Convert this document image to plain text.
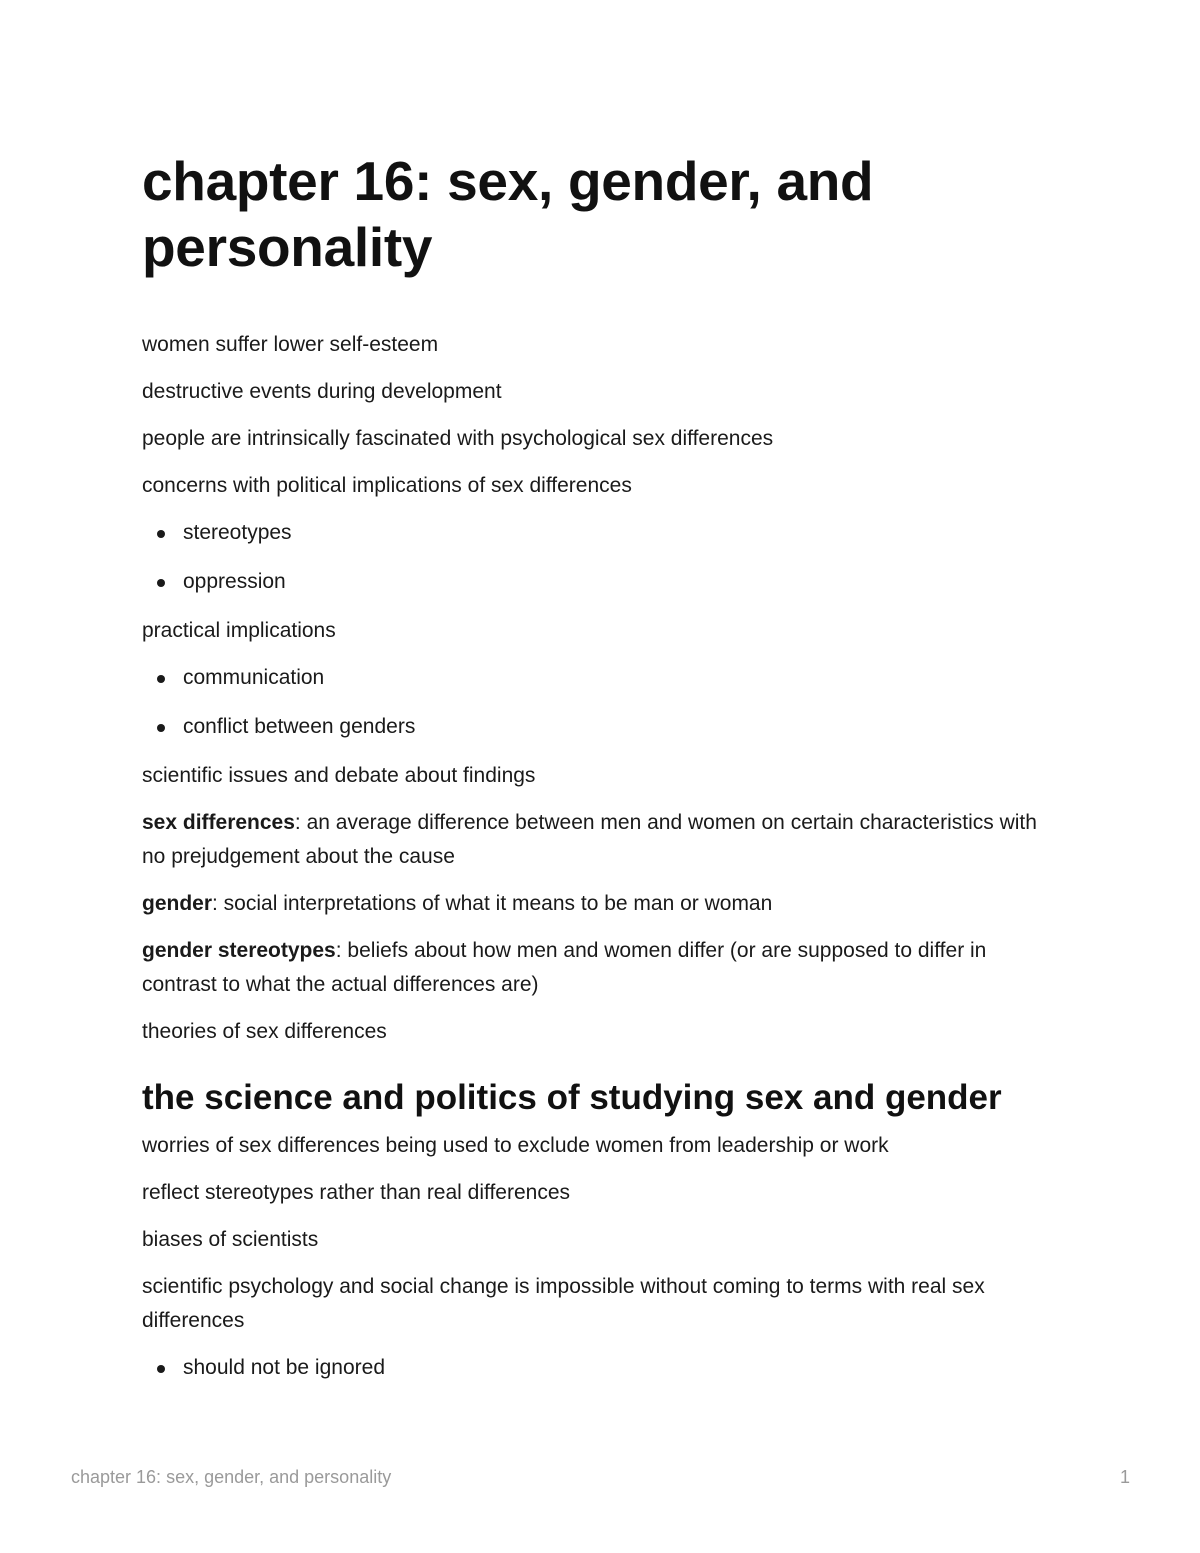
chapter 16: sex, gender, and personality

women suffer lower self-esteem

destructive events during development

people are intrinsically fascinated with psychological sex differences

concerns with political implications of sex differences

stereotypes
oppression

practical implications

communication
conflict between genders

scientific issues and debate about findings

sex differences: an average difference between men and women on certain characteristics with no prejudgement about the cause

gender: social interpretations of what it means to be man or woman

gender stereotypes: beliefs about how men and women differ (or are supposed to differ in contrast to what the actual differences are)

theories of sex differences

the science and politics of studying sex and gender

worries of sex differences being used to exclude women from leadership or work

reflect stereotypes rather than real differences

biases of scientists

scientific psychology and social change is impossible without coming to terms with real sex differences

should not be ignored
chapter 16: sex, gender, and personality	1
